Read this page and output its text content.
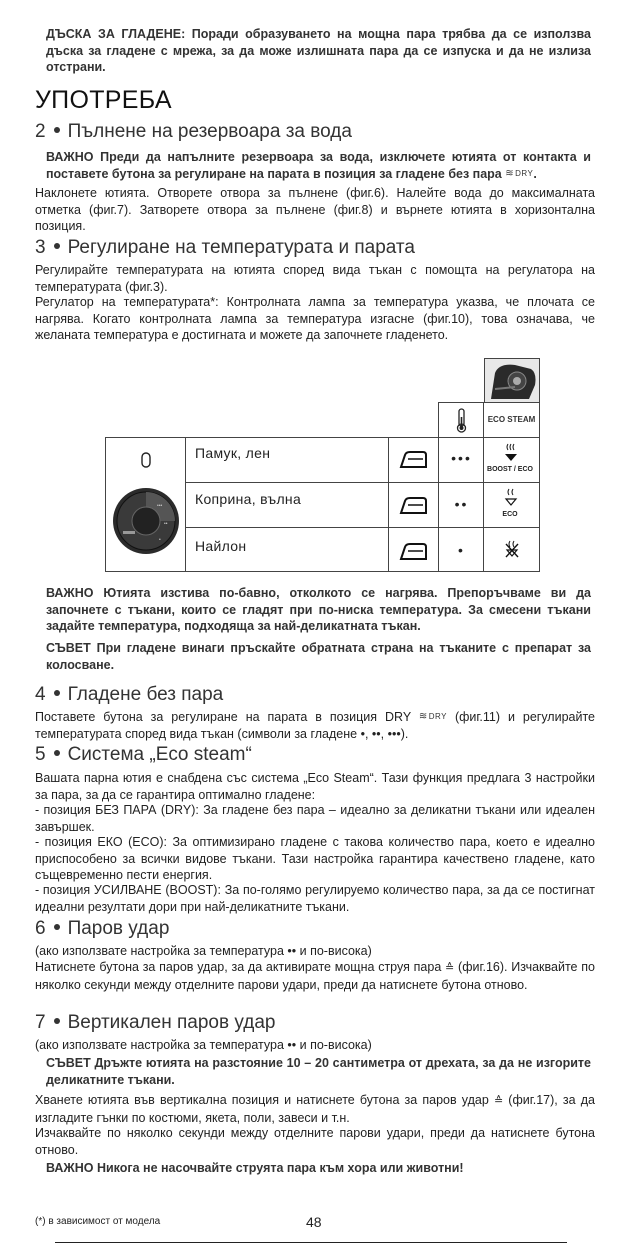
ДЪСКА ЗА ГЛАДЕНЕ: Поради образуването на мощна пара трябва да се използва дъска за гладене с мрежа, за да може излишната пара да се изпуска и да не излиза отстрани.

УПОТРЕБА
2 Пълнене на резервоара за вода

ВАЖНО Преди да напълните резервоара за вода, изключете ютията от контакта и поставете бутона за регулиране на парата в позиция за гладене без пара ≋ DRY.

Наклонете ютията. Отворете отвора за пълнене (фиг.6). Налейте вода до максималната отметка (фиг.7). Затворете отвора за пълнене (фиг.8) и върнете ютията в хоризонтална позиция.

3 Регулиране на температурата и парата

Регулирайте температурата на ютията според вида тъкан с помощта на регулатора на температурата (фиг.3).

Регулатор на температурата*: Контролната лампа за температура указва, че плочата се нагрява. Когато контролната лампа за температура изгасне (фиг.10), това означава, че желаната температура е достигната и можете да започнете гладенето.

ECO STEAM
•••
••
•
Памук, лен
Коприна, вълна
Найлон
•••
••
•
BOOST / ECO
ECO

ВАЖНО Ютията изстива по-бавно, отколкото се нагрява. Препоръчваме ви да започнете с тъкани, които се гладят при по-ниска температура. За смесени тъкани задайте температура, подходяща за най-деликатната тъкан.

СЪВЕТ При гладене винаги пръскайте обратната страна на тъканите с препарат за колосване.

4 Гладене без пара

Поставете бутона за регулиране на парата в позиция DRY ≋ DRY (фиг.11) и регулирайте температурата според вида тъкан (символи за гладене •, ••, •••).

5 Система „Eco steam“

Вашата парна ютия е снабдена със система „Eco Steam“. Тази функция предлага 3 настройки за пара, за да се гарантира оптимално гладене:

- позиция БЕЗ ПАРА (DRY): За гладене без пара – идеално за деликатни тъкани или идеален завършек.

- позиция ЕКО (ECO): За оптимизирано гладене с такова количество пара, което е идеално приспособено за всички видове тъкани. Тази настройка гарантира качествено гладене, като същевременно пести енергия.

- позиция УСИЛВАНЕ (BOOST): За по-голямо регулируемо количество пара, за да се постигнат идеални резултати дори при най-деликатните тъкани.

6 Паров удар

(ако използвате настройка за температура •• и по-висока)

Натиснете бутона за паров удар, за да активирате мощна струя пара ≙ (фиг.16). Изчаквайте по няколко секунди между отделните парови удари, преди да натиснете бутона отново.

7 Вертикален паров удар

(ако използвате настройка за температура •• и по-висока)

СЪВЕТ Дръжте ютията на разстояние 10 – 20 сантиметра от дрехата, за да не изгорите деликатните тъкани.

Хванете ютията във вертикална позиция и натиснете бутона за паров удар ≙ (фиг.17), за да изгладите гънки по костюми, якета, поли, завеси и т.н.

Изчаквайте по няколко секунди между отделните парови удари, преди да натиснете бутона отново.

ВАЖНО Никога не насочвайте струята пара към хора или животни!

(*) в зависимост от модела	48
